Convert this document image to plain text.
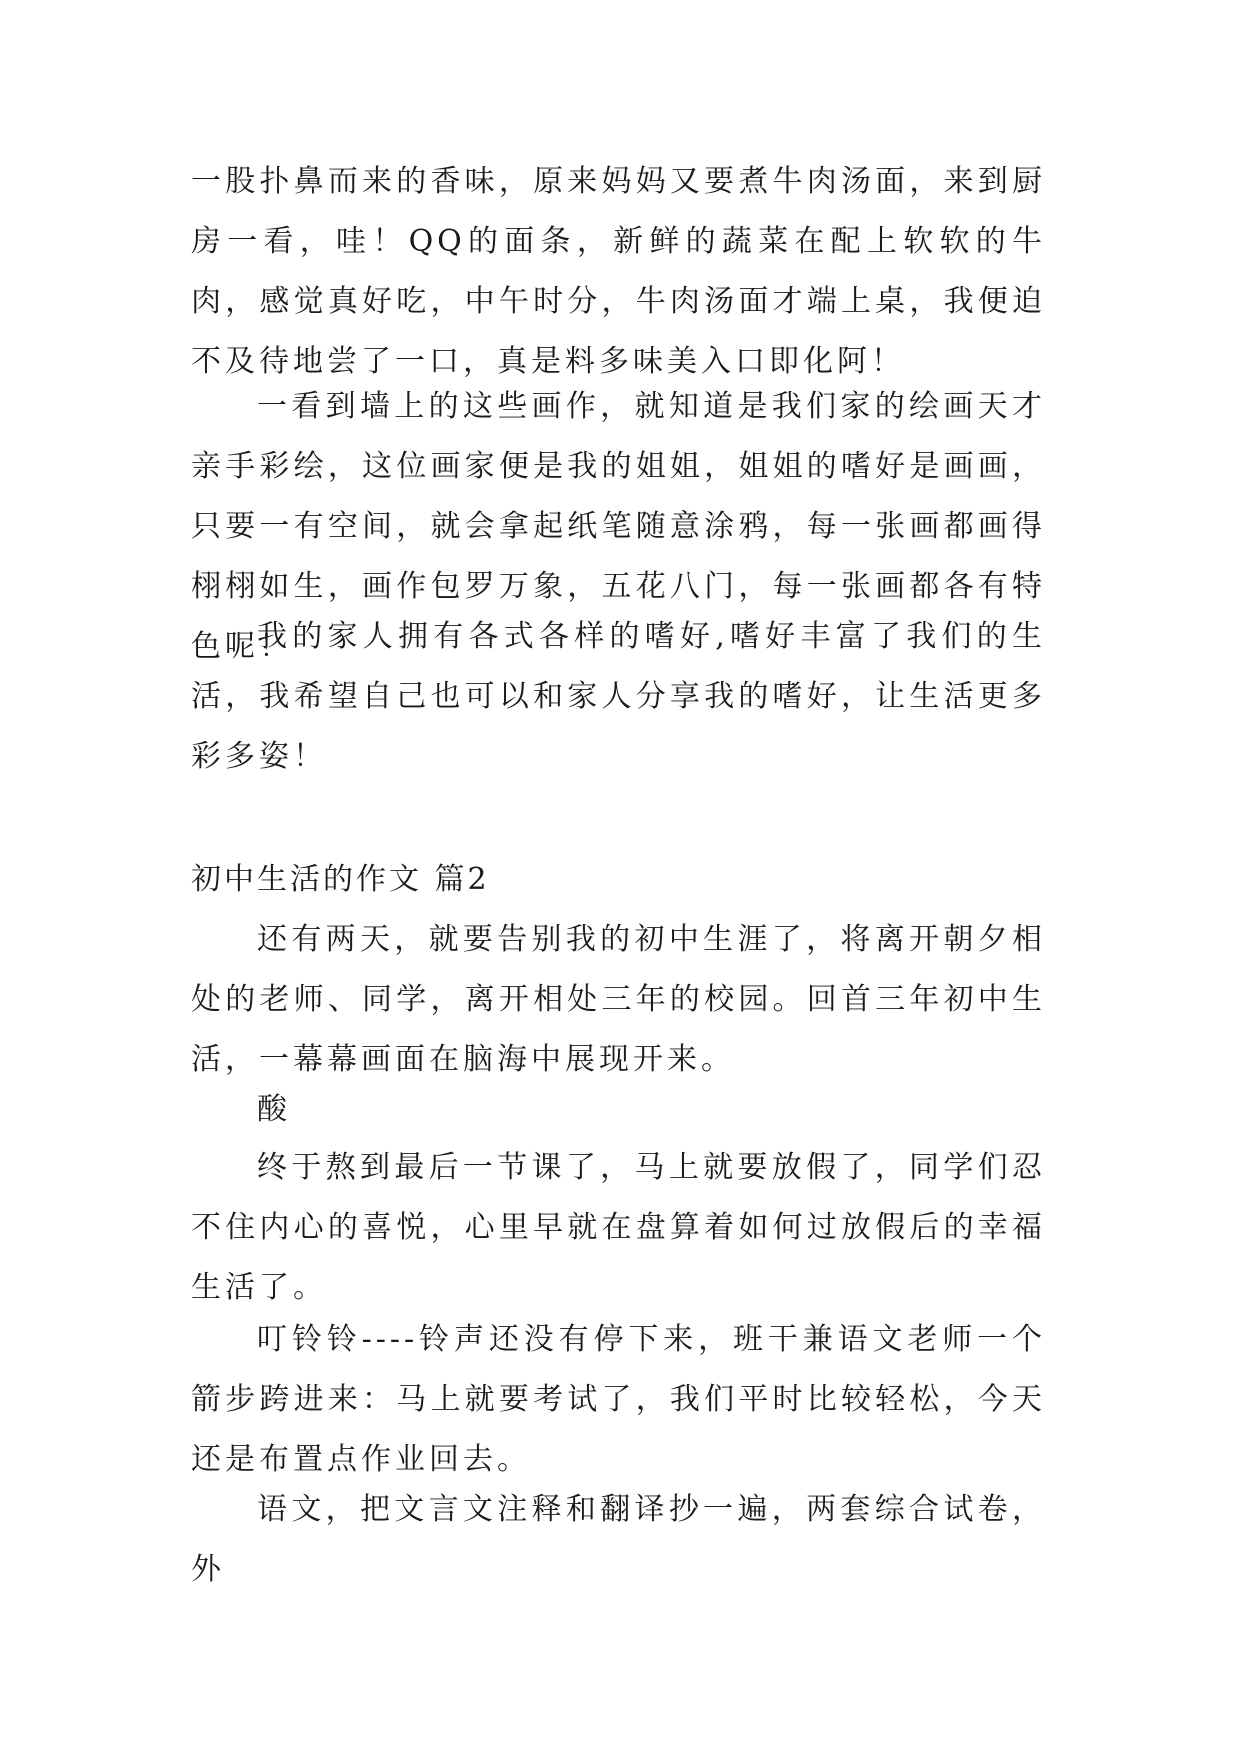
一股扑鼻而来的香味，原来妈妈又要煮牛肉汤面，来到厨房一看，哇！QQ的面条，新鲜的蔬菜在配上软软的牛肉，感觉真好吃，中午时分，牛肉汤面才端上桌，我便迫不及待地尝了一口，真是料多味美入口即化阿！

一看到墙上的这些画作，就知道是我们家的绘画天才亲手彩绘，这位画家便是我的姐姐，姐姐的嗜好是画画，只要一有空间，就会拿起纸笔随意涂鸦，每一张画都画得栩栩如生，画作包罗万象，五花八门，每一张画都各有特色呢！

我的家人拥有各式各样的嗜好,嗜好丰富了我们的生活，我希望自己也可以和家人分享我的嗜好，让生活更多彩多姿！

初中生活的作文 篇2

还有两天，就要告别我的初中生涯了，将离开朝夕相处的老师、同学，离开相处三年的校园。回首三年初中生活，一幕幕画面在脑海中展现开来。

酸

终于熬到最后一节课了，马上就要放假了，同学们忍不住内心的喜悦，心里早就在盘算着如何过放假后的幸福生活了。

叮铃铃----铃声还没有停下来，班干兼语文老师一个箭步跨进来：马上就要考试了，我们平时比较轻松，今天还是布置点作业回去。

语文，把文言文注释和翻译抄一遍，两套综合试卷，外
